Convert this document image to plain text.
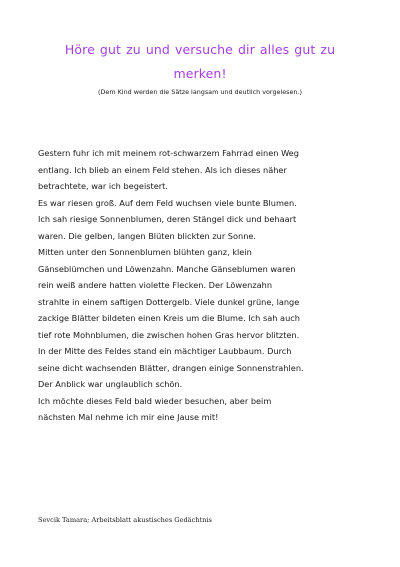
Höre gut zu und versuche dir alles gut zu
merken!
(Dem Kind werden die Sätze langsam und deutlich vorgelesen.)
Gestern fuhr ich mit meinem rot-schwarzem Fahrrad einen Weg
entlang. Ich blieb an einem Feld stehen. Als ich dieses näher
betrachtete, war ich begeistert.
Es war riesen groß. Auf dem Feld wuchsen viele bunte Blumen.
Ich sah riesige Sonnenblumen, deren Stängel dick und behaart
waren. Die gelben, langen Blüten blickten zur Sonne.
Mitten unter den Sonnenblumen blühten ganz, klein
Gänseblümchen und Löwenzahn. Manche Gänseblumen waren
rein weiß andere hatten violette Flecken. Der Löwenzahn
strahlte in einem saftigen Dottergelb. Viele dunkel grüne, lange
zackige Blätter bildeten einen Kreis um die Blume. Ich sah auch
tief rote Mohnblumen, die zwischen hohen Gras hervor blitzten.
In der Mitte des Feldes stand ein mächtiger Laubbaum. Durch
seine dicht wachsenden Blätter, drangen einige Sonnenstrahlen.
Der Anblick war unglaublich schön.
Ich möchte dieses Feld bald wieder besuchen, aber beim
nächsten Mal nehme ich mir eine Jause mit!
Sevcik Tamara; Arbeitsblatt akustisches Gedächtnis
